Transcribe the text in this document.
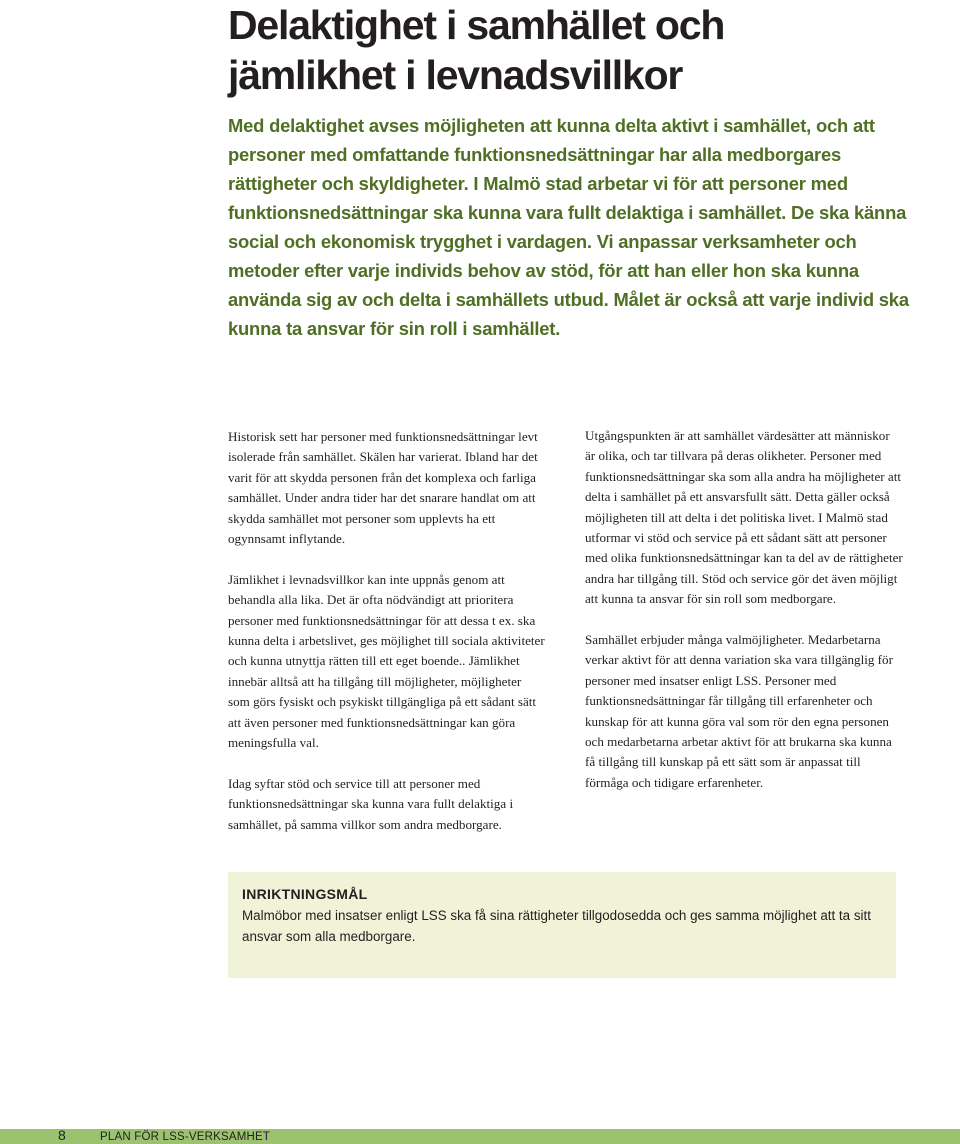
Delaktighet i samhället och
jämlikhet i levnadsvillkor

Med delaktighet avses möjligheten att kunna delta aktivt i samhället, och att personer med omfattande funktionsnedsättningar har alla medborgares rättigheter och skyldigheter. I Malmö stad arbetar vi för att personer med funktionsnedsättningar ska kunna vara fullt delaktiga i samhället. De ska känna social och ekonomisk trygghet i vardagen. Vi anpassar verksamheter och metoder efter varje individs behov av stöd, för att han eller hon ska kunna använda sig av och delta i samhällets utbud. Målet är också att varje individ ska kunna ta ansvar för sin roll i samhället.

Historisk sett har personer med funktionsnedsättningar levt isolerade från samhället. Skälen har varierat. Ibland har det varit för att skydda personen från det komplexa och farliga samhället. Under andra tider har det snarare handlat om att skydda samhället mot personer som upplevts ha ett ogynnsamt inflytande.

Jämlikhet i levnadsvillkor kan inte uppnås genom att behandla alla lika. Det är ofta nödvändigt att prioritera personer med funktionsnedsättningar för att dessa t ex. ska kunna delta i arbetslivet, ges möjlighet till sociala aktiviteter och kunna utnyttja rätten till ett eget boende.. Jämlikhet innebär alltså att ha tillgång till möjligheter, möjligheter som görs fysiskt och psykiskt tillgängliga på ett sådant sätt att även personer med funktionsnedsättningar kan göra meningsfulla val.

Idag syftar stöd och service till att personer med funktionsnedsättningar ska kunna vara fullt delaktiga i samhället, på samma villkor som andra medborgare.

Utgångspunkten är att samhället värdesätter att människor är olika, och tar tillvara på deras olikheter. Personer med funktionsnedsättningar ska som alla andra ha möjligheter att delta i samhället på ett ansvarsfullt sätt. Detta gäller också möjligheten till att delta i det politiska livet. I Malmö stad utformar vi stöd och service på ett sådant sätt att personer med olika funktionsnedsättningar kan ta del av de rättigheter andra har tillgång till. Stöd och service gör det även möjligt att kunna ta ansvar för sin roll som medborgare.

Samhället erbjuder många valmöjligheter. Medarbetarna verkar aktivt för att denna variation ska vara tillgänglig för personer med insatser enligt LSS. Personer med funktionsnedsättningar får tillgång till erfarenheter och kunskap för att kunna göra val som rör den egna personen och medarbetarna arbetar aktivt för att brukarna ska kunna få tillgång till kunskap på ett sätt som är anpassat till förmåga och tidigare erfarenheter.

INRIKTNINGSMÅL
Malmöbor med insatser enligt LSS ska få sina rättigheter tillgodosedda och ges samma möjlighet att ta sitt ansvar som alla medborgare.
8	PLAN FÖR LSS-VERKSAMHET
